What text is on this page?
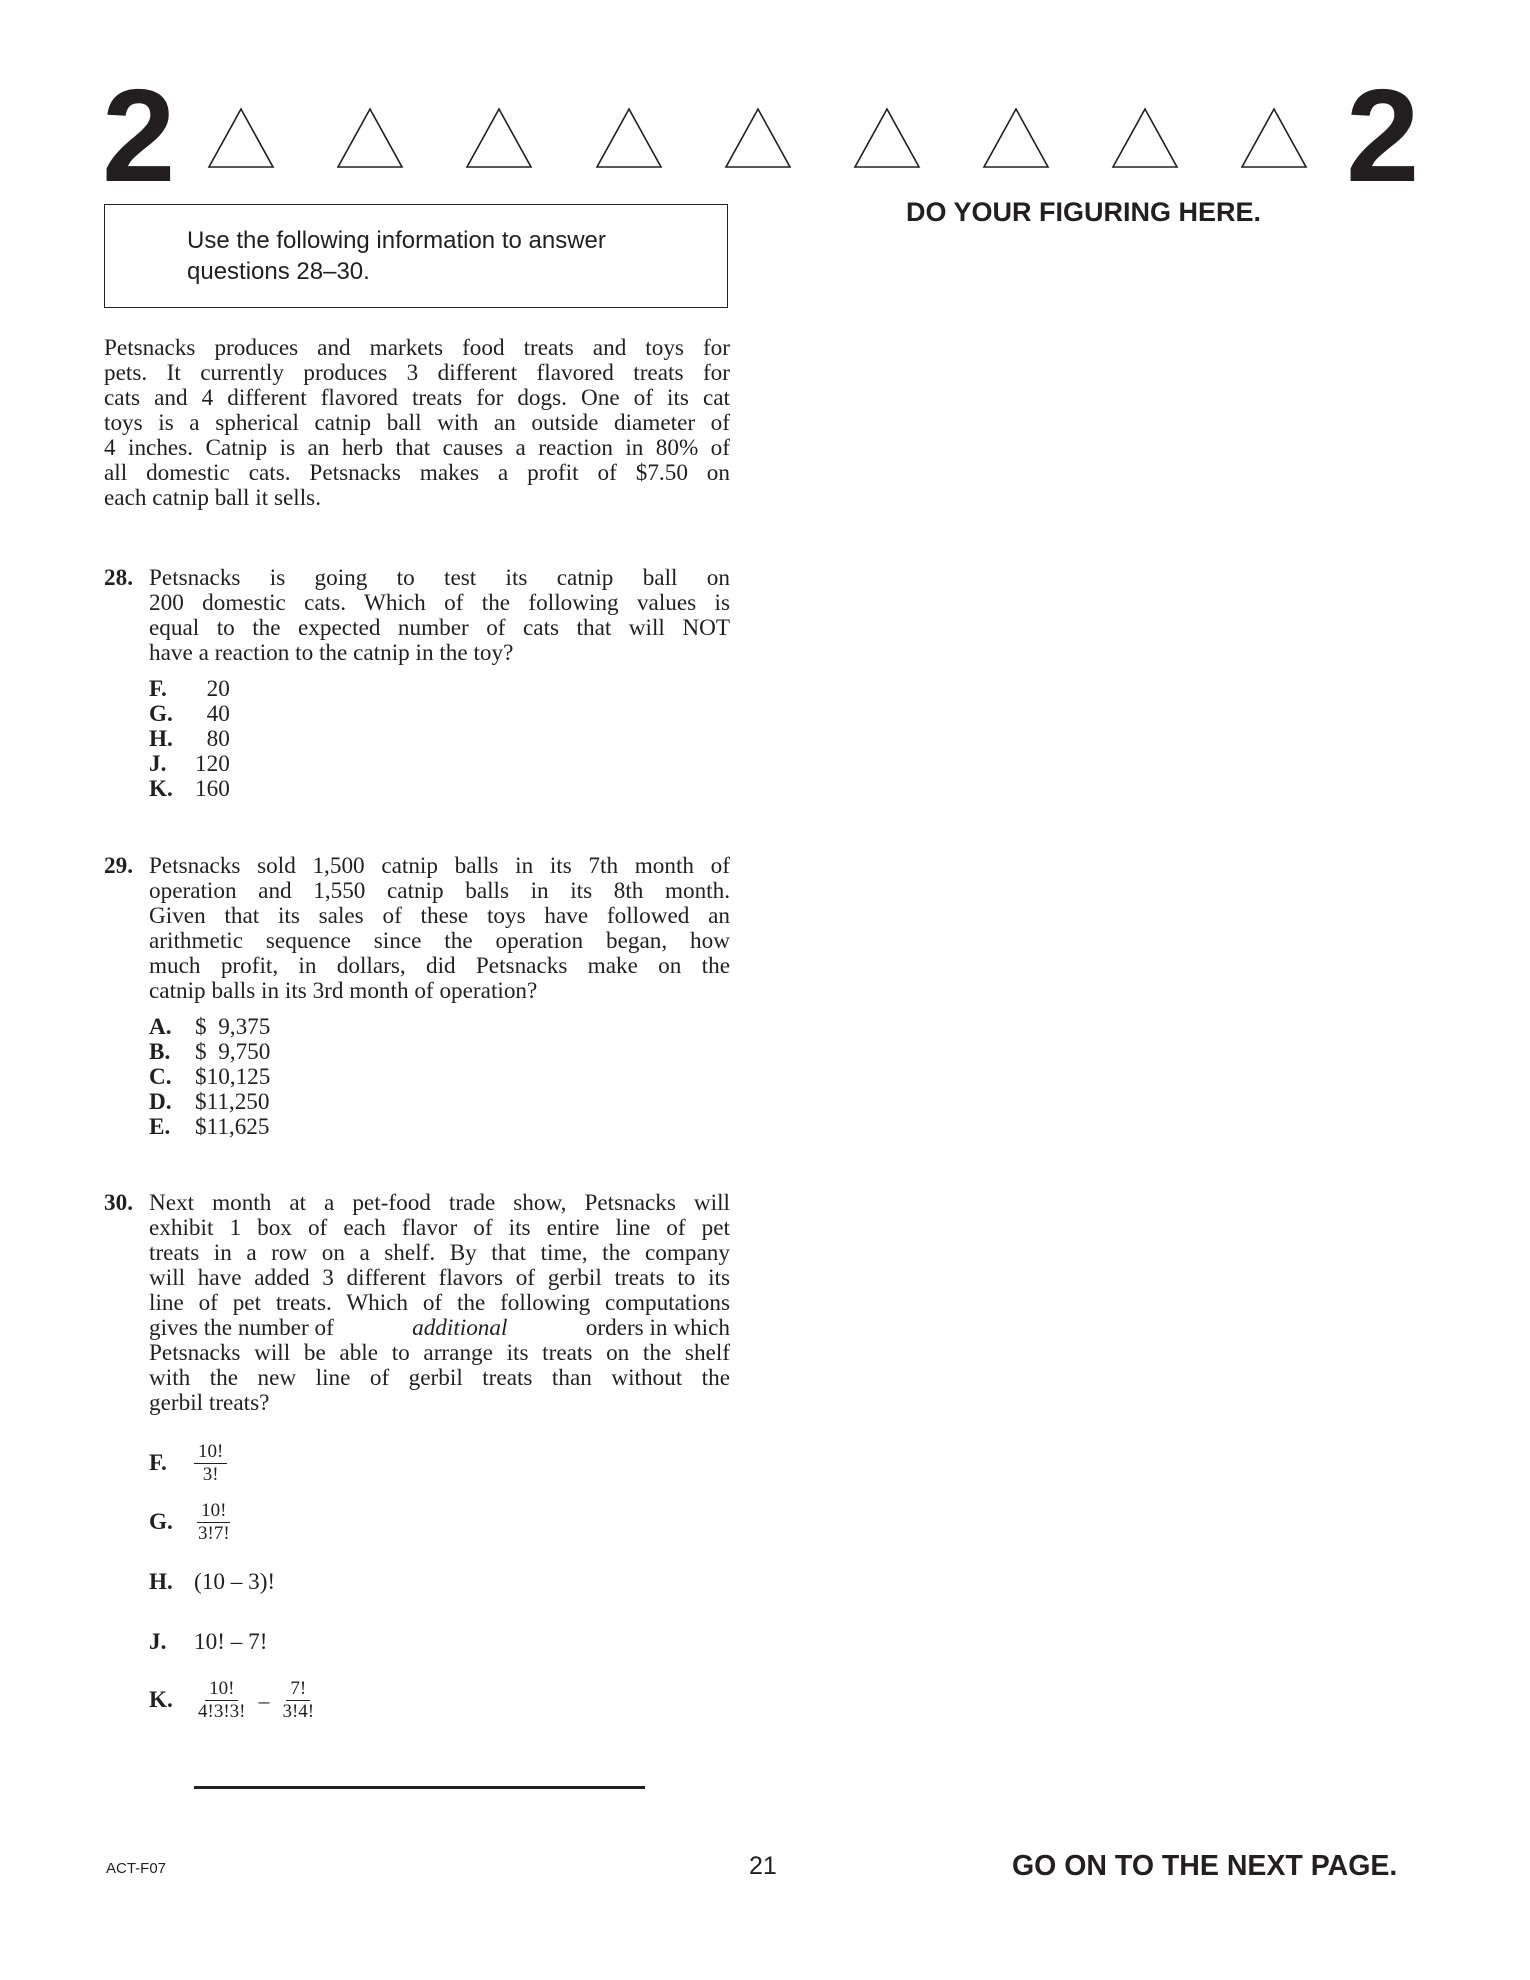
2	2
Use the following information to answer
questions 28–30.
DO YOUR FIGURING HERE.
Petsnacks produces and markets food treats and toys for
pets. It currently produces 3 different flavored treats for
cats and 4 different flavored treats for dogs. One of its cat
toys is a spherical catnip ball with an outside diameter of
4 inches. Catnip is an herb that causes a reaction in 80% of
all domestic cats. Petsnacks makes a profit of $7.50 on
each catnip ball it sells.
28. Petsnacks is going to test its catnip ball on
200 domestic cats. Which of the following values is
equal to the expected number of cats that will NOT
have a reaction to the catnip in the toy?
F.	20
G. 40
H. 80
J.	120
K. 160
29. Petsnacks sold 1,500 catnip balls in its 7th month of
operation and 1,550 catnip balls in its 8th month.
Given that its sales of these toys have followed an
arithmetic sequence since the operation began, how
much profit, in dollars, did Petsnacks make on the
catnip balls in its 3rd month of operation?
A.	$  9,375
B.	$  9,750
C.	$10,125
D.	$11,250
E.	$11,625
30. Next month at a pet-food trade show, Petsnacks will
exhibit 1 box of each flavor of its entire line of pet
treats in a row on a shelf. By that time, the company
will have added 3 different flavors of gerbil treats to its
line of pet treats. Which of the following computations
gives the number of	additional	orders in which
Petsnacks will be able to arrange its treats on the shelf
with the new line of gerbil treats than without the
gerbil treats?
F.	$\frac{10!}{3!}$
G.	$\frac{10!}{3!7!}$
H. (10 – 3)!
J.	10! – 7!
K.	$\frac{10!}{4!3!3!} - \frac{7!}{3!4!}$
ACT-F07	21	GO ON TO THE NEXT PAGE.
